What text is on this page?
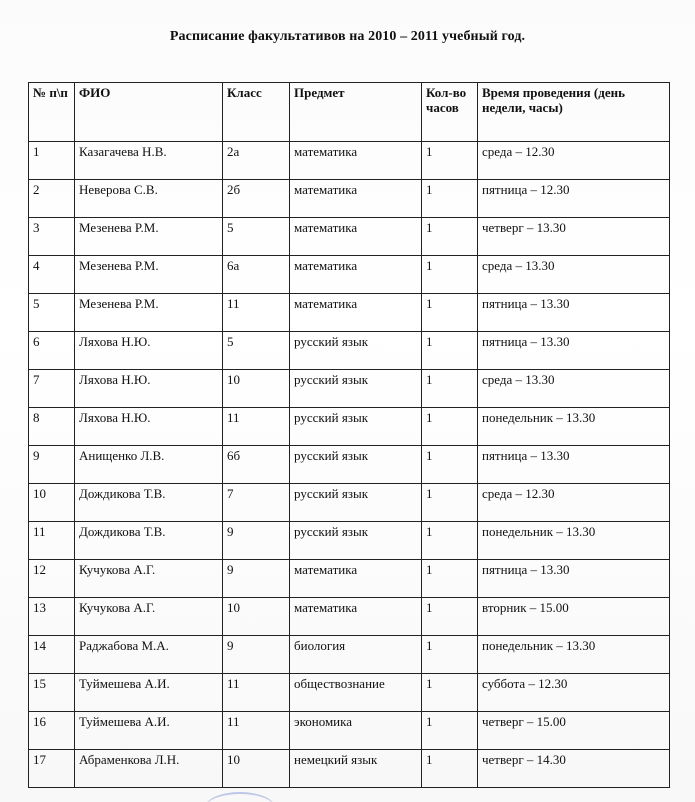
Расписание факультативов на 2010 – 2011 учебный год.
№ п\п	ФИО	Класс	Предмет	Кол-во часов	Время проведения (день недели, часы)
1	Казагачева Н.В.	2а	математика	1	среда – 12.30
2	Неверова С.В.	2б	математика	1	пятница – 12.30
3	Мезенева Р.М.	5	математика	1	четверг – 13.30
4	Мезенева Р.М.	6а	математика	1	среда – 13.30
5	Мезенева Р.М.	11	математика	1	пятница – 13.30
6	Ляхова Н.Ю.	5	русский язык	1	пятница – 13.30
7	Ляхова Н.Ю.	10	русский язык	1	среда – 13.30
8	Ляхова Н.Ю.	11	русский язык	1	понедельник – 13.30
9	Анищенко Л.В.	6б	русский язык	1	пятница – 13.30
10	Дождикова Т.В.	7	русский язык	1	среда – 12.30
11	Дождикова Т.В.	9	русский язык	1	понедельник – 13.30
12	Кучукова А.Г.	9	математика	1	пятница – 13.30
13	Кучукова А.Г.	10	математика	1	вторник – 15.00
14	Раджабова М.А.	9	биология	1	понедельник – 13.30
15	Туймешева А.И.	11	обществознание	1	суббота – 12.30
16	Туймешева А.И.	11	экономика	1	четверг – 15.00
17	Абраменкова Л.Н.	10	немецкий язык	1	четверг – 14.30
